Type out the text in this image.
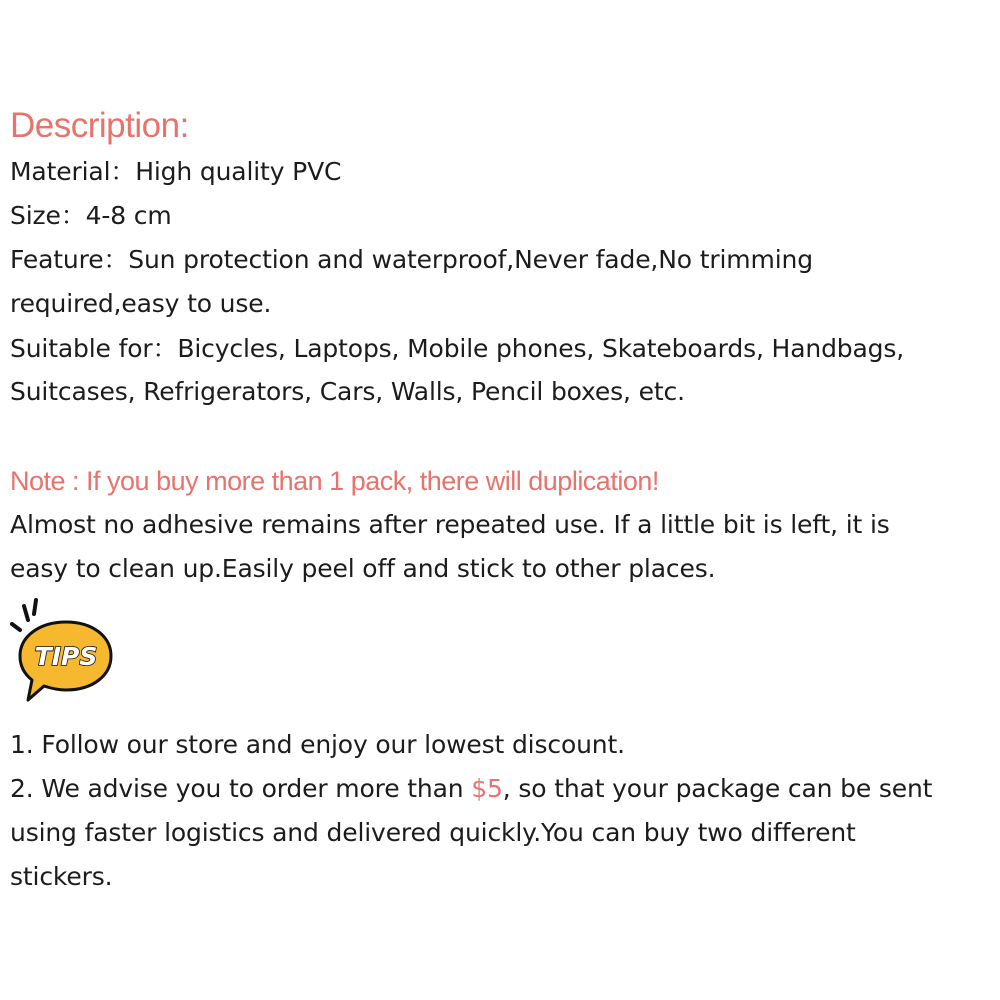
Description:
Material：High quality PVC
Size：4-8 cm
Feature：Sun protection and waterproof,Never fade,No trimming
required,easy to use.
Suitable for：Bicycles, Laptops, Mobile phones, Skateboards, Handbags,
Suitcases, Refrigerators, Cars, Walls, Pencil boxes, etc.
Note : If you buy more than 1 pack, there will duplication!
Almost no adhesive remains after repeated use. If a little bit is left, it is
easy to clean up.Easily peel off and stick to other places.
1. Follow our store and enjoy our lowest discount.
2. We advise you to order more than $5, so that your package can be sent
using faster logistics and delivered quickly.You can buy two different
stickers.
TIPS
